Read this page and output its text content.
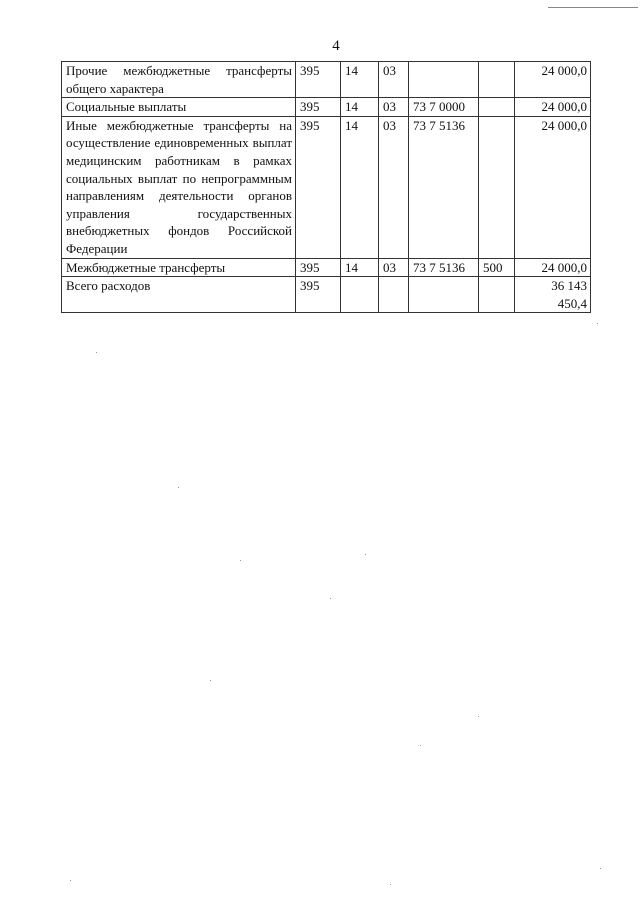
4
Прочие межбюджетные трансферты общего характера	395	14	03			24 000,0
Социальные выплаты	395	14	03	73 7 0000		24 000,0
Иные межбюджетные трансферты на осуществление единовременных выплат медицинским работникам в рамках социальных выплат по непрограммным направлениям деятельности органов управления государственных внебюджетных фондов Российской Федерации	395	14	03	73 7 5136		24 000,0
Межбюджетные трансферты	395	14	03	73 7 5136	500	24 000,0
Всего расходов	395					36 143 450,4
